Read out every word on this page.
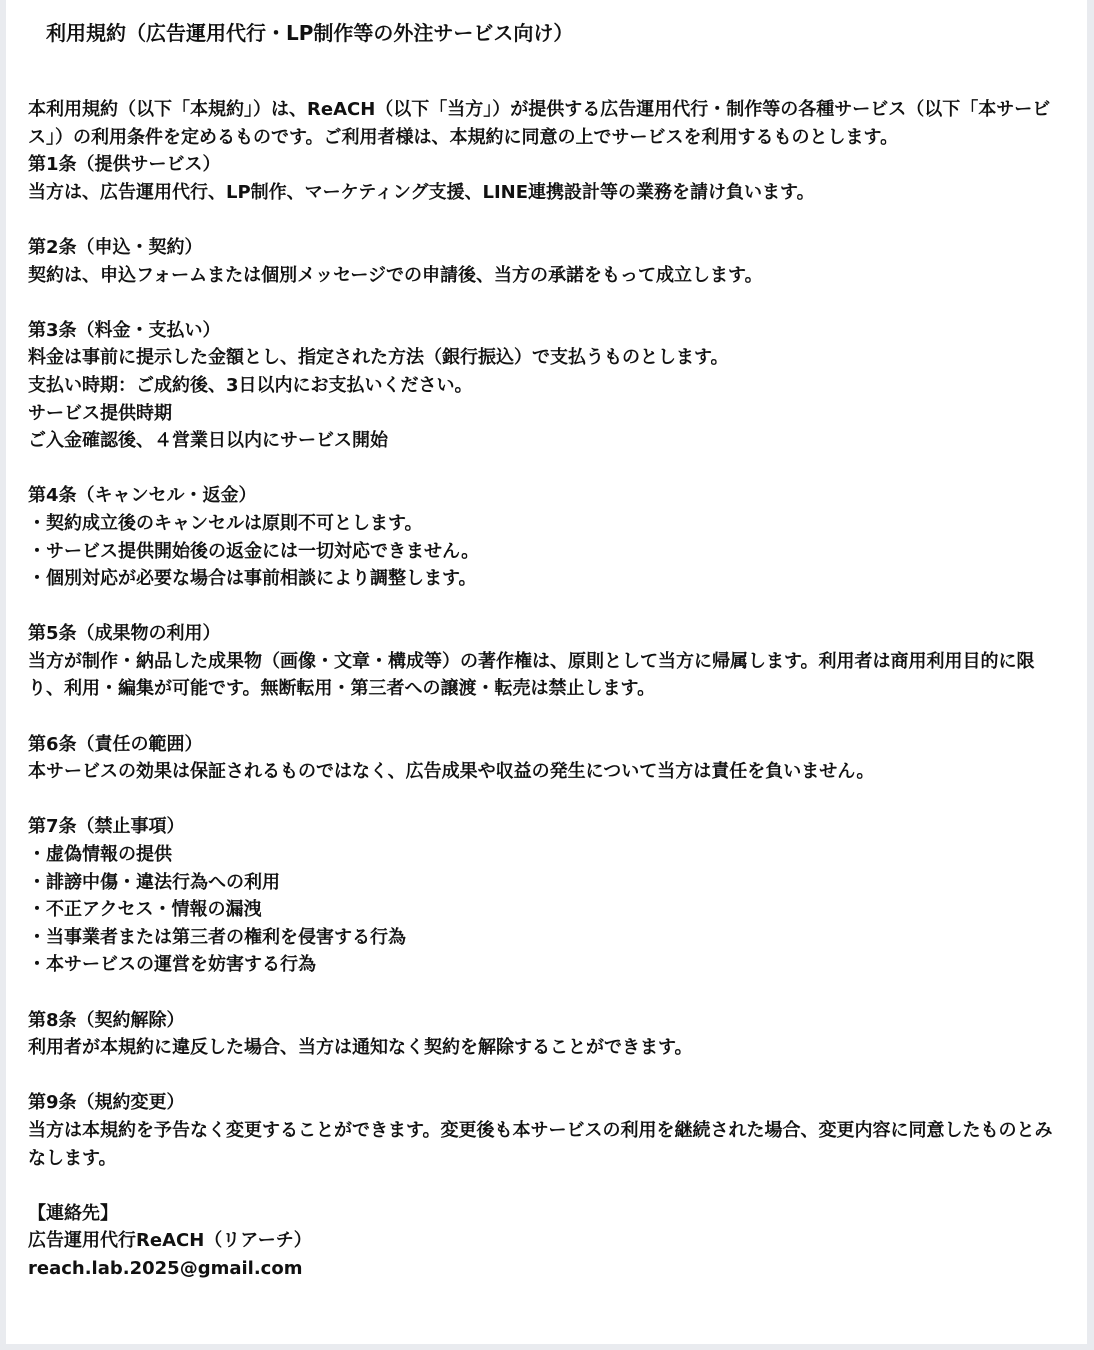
利用規約（広告運用代行・LP制作等の外注サービス向け）

本利用規約（以下「本規約」）は、ReACH（以下「当方」）が提供する広告運用代行・制作等の各種サービス（以下「本サービス」）の利用条件を定めるものです。ご利用者様は、本規約に同意の上でサービスを利用するものとします。

第1条（提供サービス）
当方は、広告運用代行、LP制作、マーケティング支援、LINE連携設計等の業務を請け負います。
第2条（申込・契約）
契約は、申込フォームまたは個別メッセージでの申請後、当方の承諾をもって成立します。
第3条（料金・支払い）
料金は事前に提示した金額とし、指定された方法（銀行振込）で支払うものとします。
支払い時期：ご成約後、3日以内にお支払いください。
サービス提供時期
ご入金確認後、４営業日以内にサービス開始
第4条（キャンセル・返金）
・契約成立後のキャンセルは原則不可とします。
・サービス提供開始後の返金には一切対応できません。
・個別対応が必要な場合は事前相談により調整します。
第5条（成果物の利用）
当方が制作・納品した成果物（画像・文章・構成等）の著作権は、原則として当方に帰属します。利用者は商用利用目的に限り、利用・編集が可能です。無断転用・第三者への譲渡・転売は禁止します。
第6条（責任の範囲）
本サービスの効果は保証されるものではなく、広告成果や収益の発生について当方は責任を負いません。
第7条（禁止事項）
・虚偽情報の提供
・誹謗中傷・違法行為への利用
・不正アクセス・情報の漏洩
・当事業者または第三者の権利を侵害する行為
・本サービスの運営を妨害する行為
第8条（契約解除）
利用者が本規約に違反した場合、当方は通知なく契約を解除することができます。
第9条（規約変更）
当方は本規約を予告なく変更することができます。変更後も本サービスの利用を継続された場合、変更内容に同意したものとみなします。
【連絡先】
広告運用代行ReACH（リアーチ）
reach.lab.2025@gmail.com
